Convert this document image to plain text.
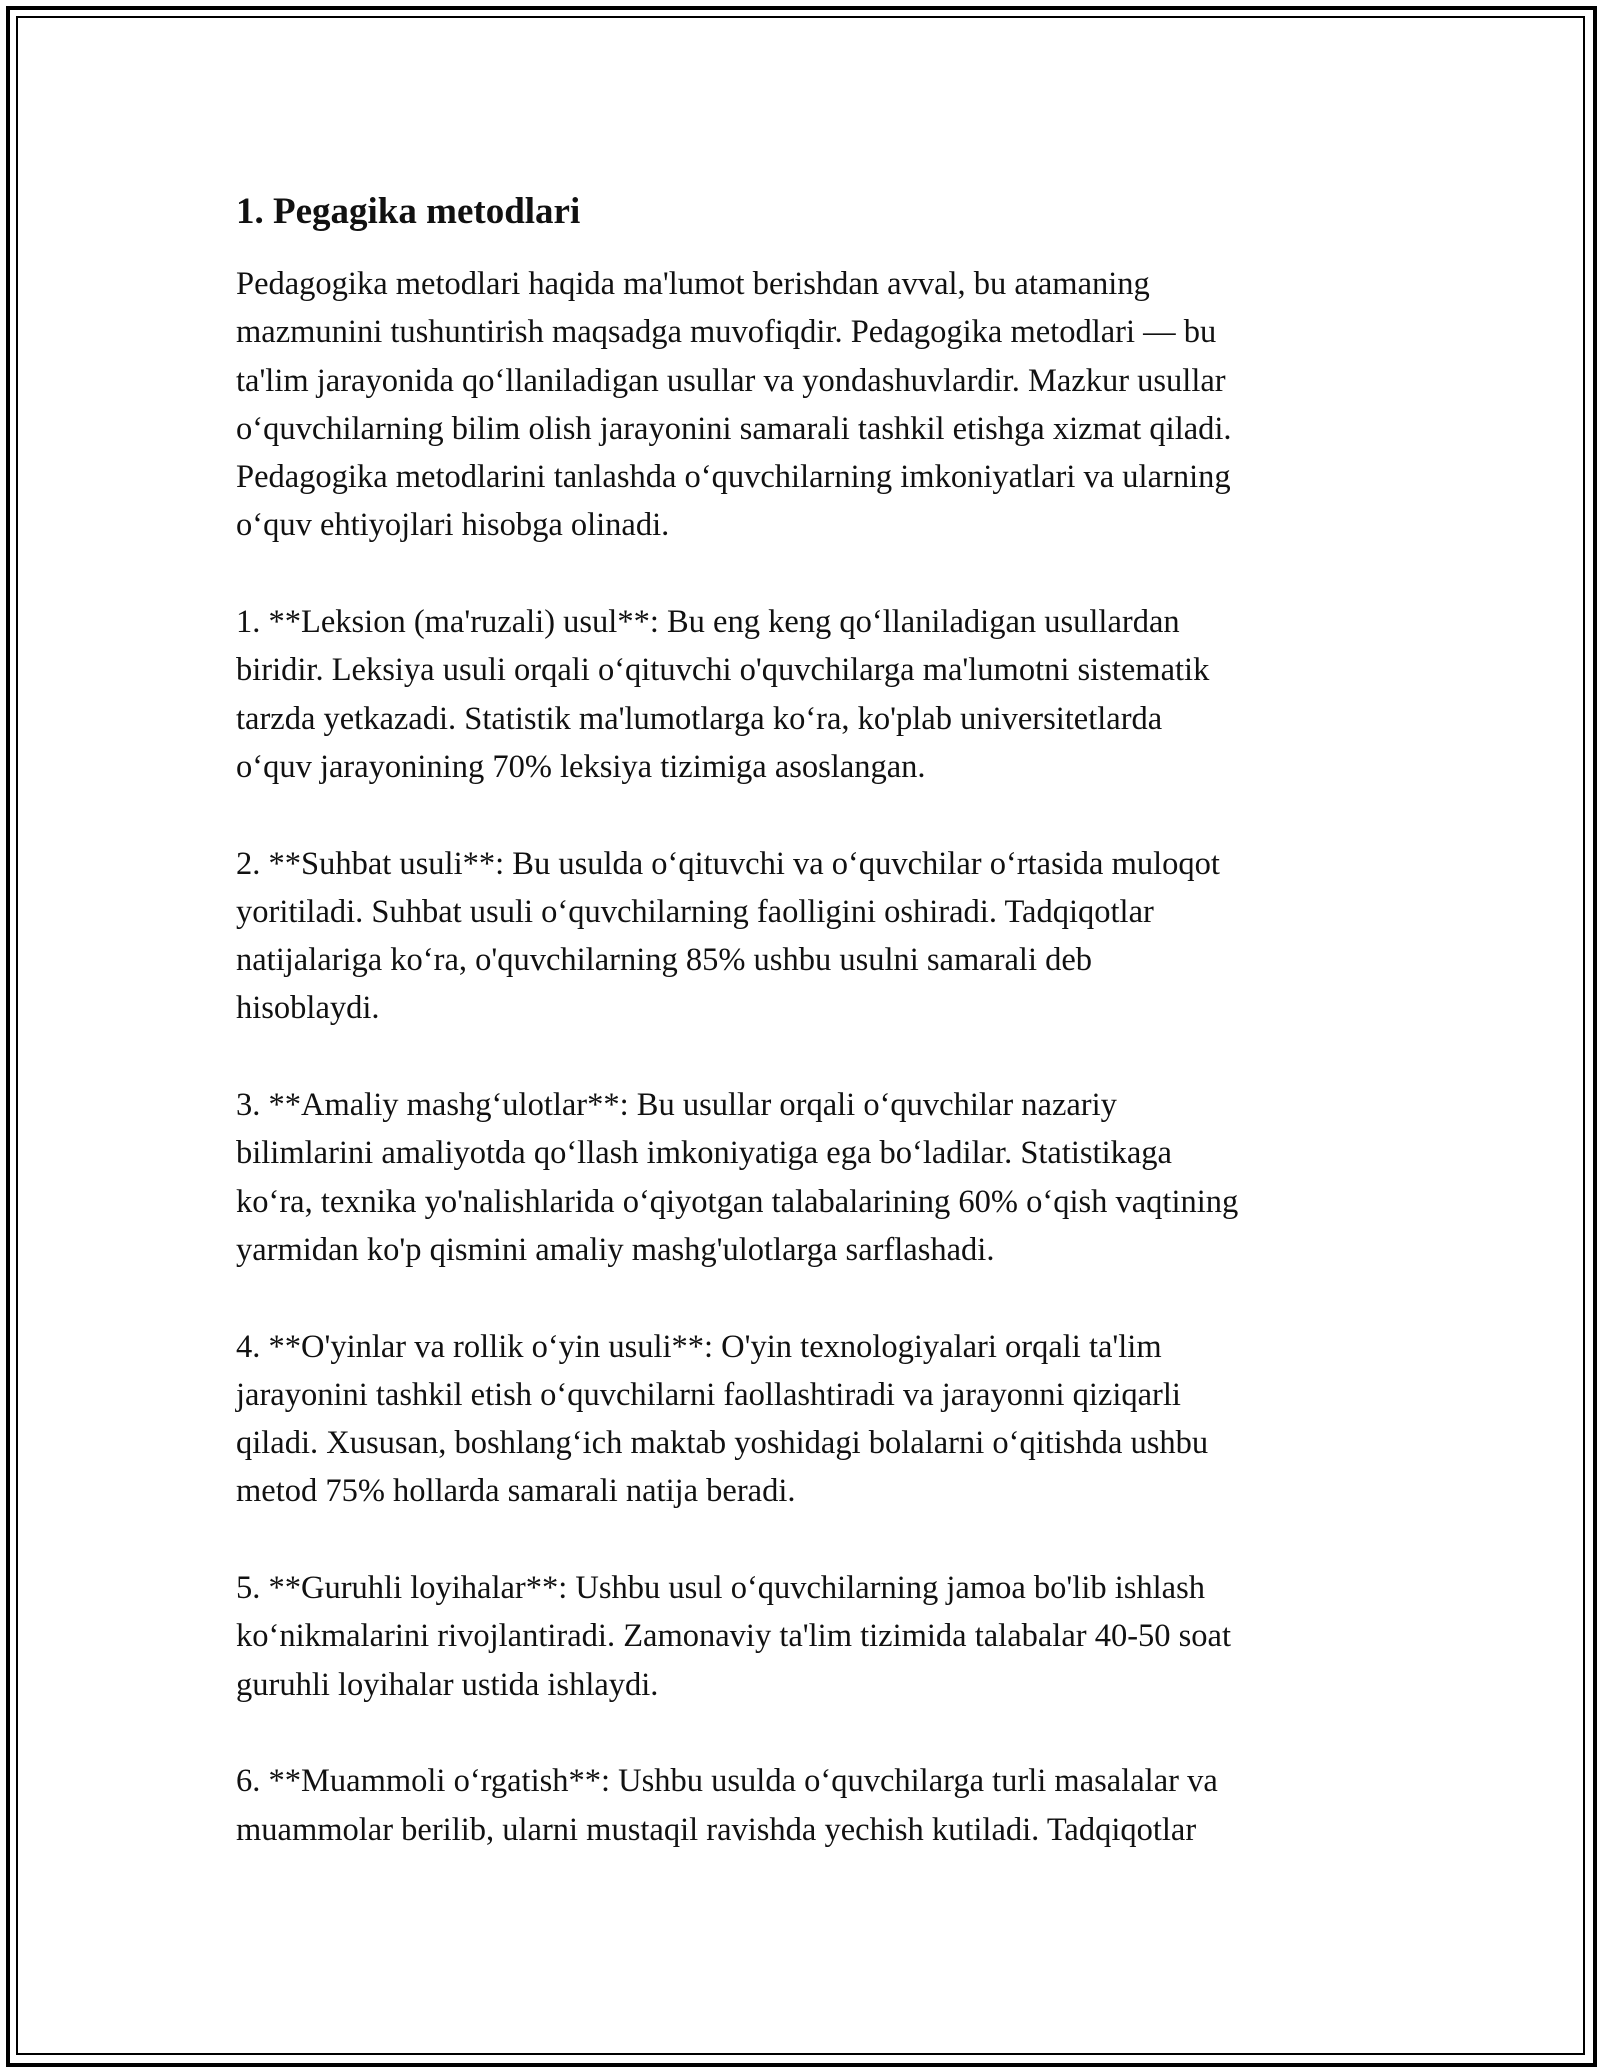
1. Pegagika metodlari

Pedagogika metodlari haqida ma'lumot berishdan avval, bu atamaning
mazmunini tushuntirish maqsadga muvofiqdir. Pedagogika metodlari — bu
ta'lim jarayonida qo‘llaniladigan usullar va yondashuvlardir. Mazkur usullar
o‘quvchilarning bilim olish jarayonini samarali tashkil etishga xizmat qiladi.
Pedagogika metodlarini tanlashda o‘quvchilarning imkoniyatlari va ularning
o‘quv ehtiyojlari hisobga olinadi.

1. **Leksion (ma'ruzali) usul**: Bu eng keng qo‘llaniladigan usullardan
biridir. Leksiya usuli orqali o‘qituvchi o'quvchilarga ma'lumotni sistematik
tarzda yetkazadi. Statistik ma'lumotlarga ko‘ra, ko'plab universitetlarda
o‘quv jarayonining 70% leksiya tizimiga asoslangan.

2. **Suhbat usuli**: Bu usulda o‘qituvchi va o‘quvchilar o‘rtasida muloqot
yoritiladi. Suhbat usuli o‘quvchilarning faolligini oshiradi. Tadqiqotlar
natijalariga ko‘ra, o'quvchilarning 85% ushbu usulni samarali deb
hisoblaydi.

3. **Amaliy mashg‘ulotlar**: Bu usullar orqali o‘quvchilar nazariy
bilimlarini amaliyotda qo‘llash imkoniyatiga ega bo‘ladilar. Statistikaga
ko‘ra, texnika yo'nalishlarida o‘qiyotgan talabalarining 60% o‘qish vaqtining
yarmidan ko'p qismini amaliy mashg'ulotlarga sarflashadi.

4. **O'yinlar va rollik o‘yin usuli**: O'yin texnologiyalari orqali ta'lim
jarayonini tashkil etish o‘quvchilarni faollashtiradi va jarayonni qiziqarli
qiladi. Xususan, boshlang‘ich maktab yoshidagi bolalarni o‘qitishda ushbu
metod 75% hollarda samarali natija beradi.

5. **Guruhli loyihalar**: Ushbu usul o‘quvchilarning jamoa bo'lib ishlash
ko‘nikmalarini rivojlantiradi. Zamonaviy ta'lim tizimida talabalar 40-50 soat
guruhli loyihalar ustida ishlaydi.

6. **Muammoli o‘rgatish**: Ushbu usulda o‘quvchilarga turli masalalar va
muammolar berilib, ularni mustaqil ravishda yechish kutiladi. Tadqiqotlar
